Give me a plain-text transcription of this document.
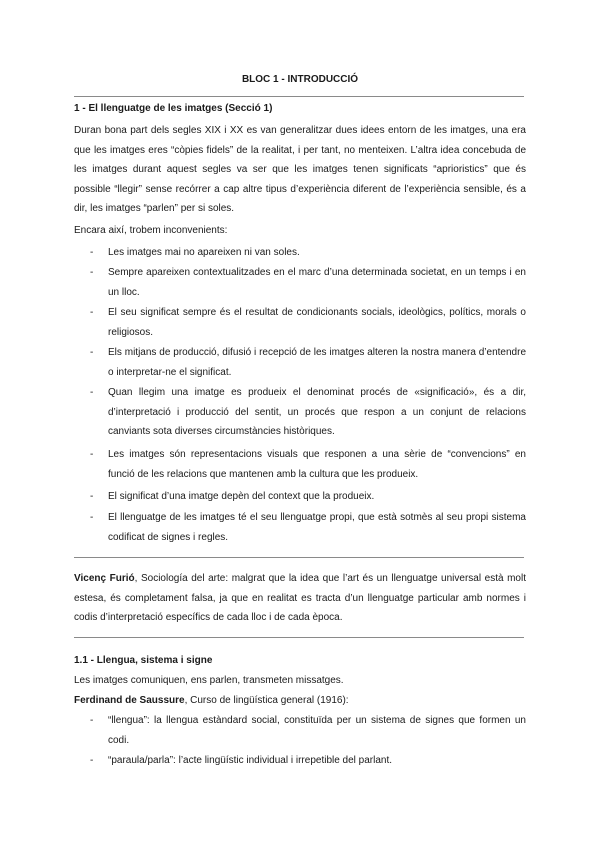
BLOC 1 - INTRODUCCIÓ
1 - El llenguatge de les imatges (Secció 1)

Duran bona part dels segles XIX i XX es van generalitzar dues idees entorn de les imatges, una era que les imatges eres “còpies fidels” de la realitat, i per tant, no menteixen. L’altra idea concebuda de les imatges durant aquest segles va ser que les imatges tenen significats “aprioristics” que és possible “llegir” sense recórrer a cap altre tipus d’experiència diferent de l’experiència sensible, és a dir, les imatges “parlen” per si soles.

Encara així, trobem inconvenients:
- Les imatges mai no apareixen ni van soles.

- Sempre apareixen contextualitzades en el marc d’una determinada societat, en un temps i en un lloc.

- El seu significat sempre és el resultat de condicionants socials, ideològics, polítics, morals o religiosos.

- Els mitjans de producció, difusió i recepció de les imatges alteren la nostra manera d’entendre o interpretar-ne el significat.

- Quan llegim una imatge es produeix el denominat procés de «significació», és a dir, d’interpretació i producció del sentit, un procés que respon a un conjunt de relacions canviants sota diverses circumstàncies històriques.

- Les imatges són representacions visuals que responen a una sèrie de “convencions” en funció de les relacions que mantenen amb la cultura que les produeix.

- El significat d’una imatge depèn del context que la produeix.

- El llenguatge de les imatges té el seu llenguatge propi, que està sotmès al seu propi sistema codificat de signes i regles.

Vicenç Furió, Sociología del arte: malgrat que la idea que l’art és un llenguatge universal està molt estesa, és completament falsa, ja que en realitat es tracta d’un llenguatge particular amb normes i codis d’interpretació específics de cada lloc i de cada època.

1.1 - Llengua, sistema i signe
Les imatges comuniquen, ens parlen, transmeten missatges.
Ferdinand de Saussure, Curso de lingüística general (1916):
- “llengua”: la llengua estàndard social, constituïda per un sistema de signes que formen un codi.

- “paraula/parla”: l’acte lingüístic individual i irrepetible del parlant.
